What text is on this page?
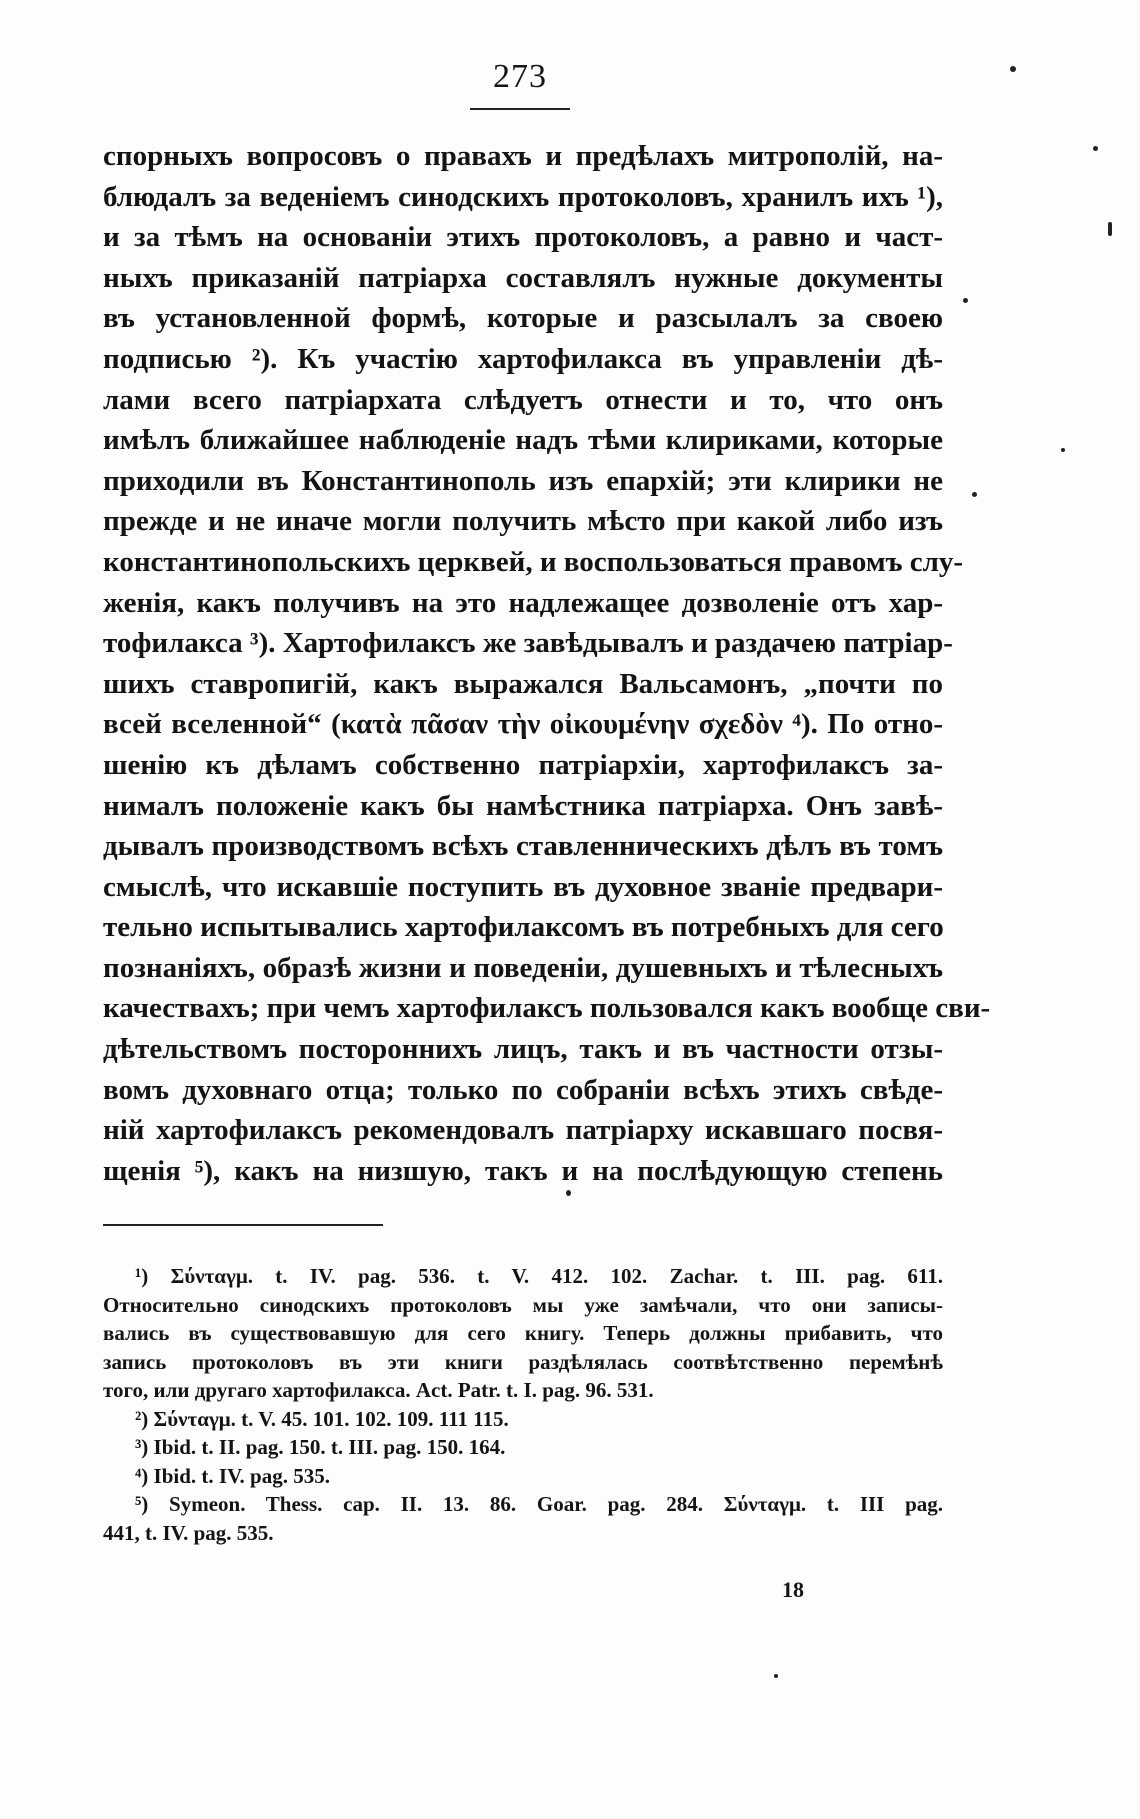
273
спорныхъ вопросовъ о правахъ и предѣлахъ митрополій, на-
блюдалъ за веденіемъ синодскихъ протоколовъ, хранилъ ихъ ¹),
и за тѣмъ на основаніи этихъ протоколовъ, а равно и част-
ныхъ приказаній патріарха составлялъ нужные документы
въ установленной формѣ, которые и разсылалъ за своею
подписью ²). Къ участію хартофилакса въ управленіи дѣ-
лами всего патріархата слѣдуетъ отнести и то, что онъ
имѣлъ ближайшее наблюденіе надъ тѣми клириками, которые
приходили въ Константинополь изъ епархій; эти клирики не
прежде и не иначе могли получить мѣсто при какой либо изъ
константинопольскихъ церквей, и воспользоваться правомъ слу-
женія, какъ получивъ на это надлежащее дозволеніе отъ хар-
тофилакса ³). Хартофилаксъ же завѣдывалъ и раздачею патріар-
шихъ ставропигій, какъ выражался Вальсамонъ, „почти по
всей вселенной“ (κατὰ πᾶσαν τὴν οἰκουμένην σχεδὸν ⁴). По отно-
шенію къ дѣламъ собственно патріархіи, хартофилаксъ за-
нималъ положеніе какъ бы намѣстника патріарха. Онъ завѣ-
дывалъ производствомъ всѣхъ ставленническихъ дѣлъ въ томъ
смыслѣ, что искавшіе поступить въ духовное званіе предвари-
тельно испытывались хартофилаксомъ въ потребныхъ для сего
познаніяхъ, образѣ жизни и поведеніи, душевныхъ и тѣлесныхъ
качествахъ; при чемъ хартофилаксъ пользовался какъ вообще сви-
дѣтельствомъ постороннихъ лицъ, такъ и въ частности отзы-
вомъ духовнаго отца; только по собраніи всѣхъ этихъ свѣде-
ній хартофилаксъ рекомендовалъ патріарху искавшаго посвя-
щенія ⁵), какъ на низшую, такъ и на послѣдующую степень
¹) Σύνταγμ. t. IV. pag. 536. t. V. 412. 102. Zachar. t. III. pag. 611.
Относительно синодскихъ протоколовъ мы уже замѣчали, что они записы-
вались въ существовавшую для сего книгу. Теперь должны прибавить, что
запись протоколовъ въ эти книги раздѣлялась соотвѣтственно перемѣнѣ
того, или другаго хартофилакса. Act. Patr. t. I. pag. 96. 531.
²) Σύνταγμ. t. V. 45. 101. 102. 109. 111 115.
³) Ibid. t. II. pag. 150. t. III. pag. 150. 164.
⁴) Ibid. t. IV. pag. 535.
⁵) Symeon. Thess. cap. II. 13. 86. Goar. pag. 284. Σύνταγμ. t. III pag.
441, t. IV. pag. 535.
18
